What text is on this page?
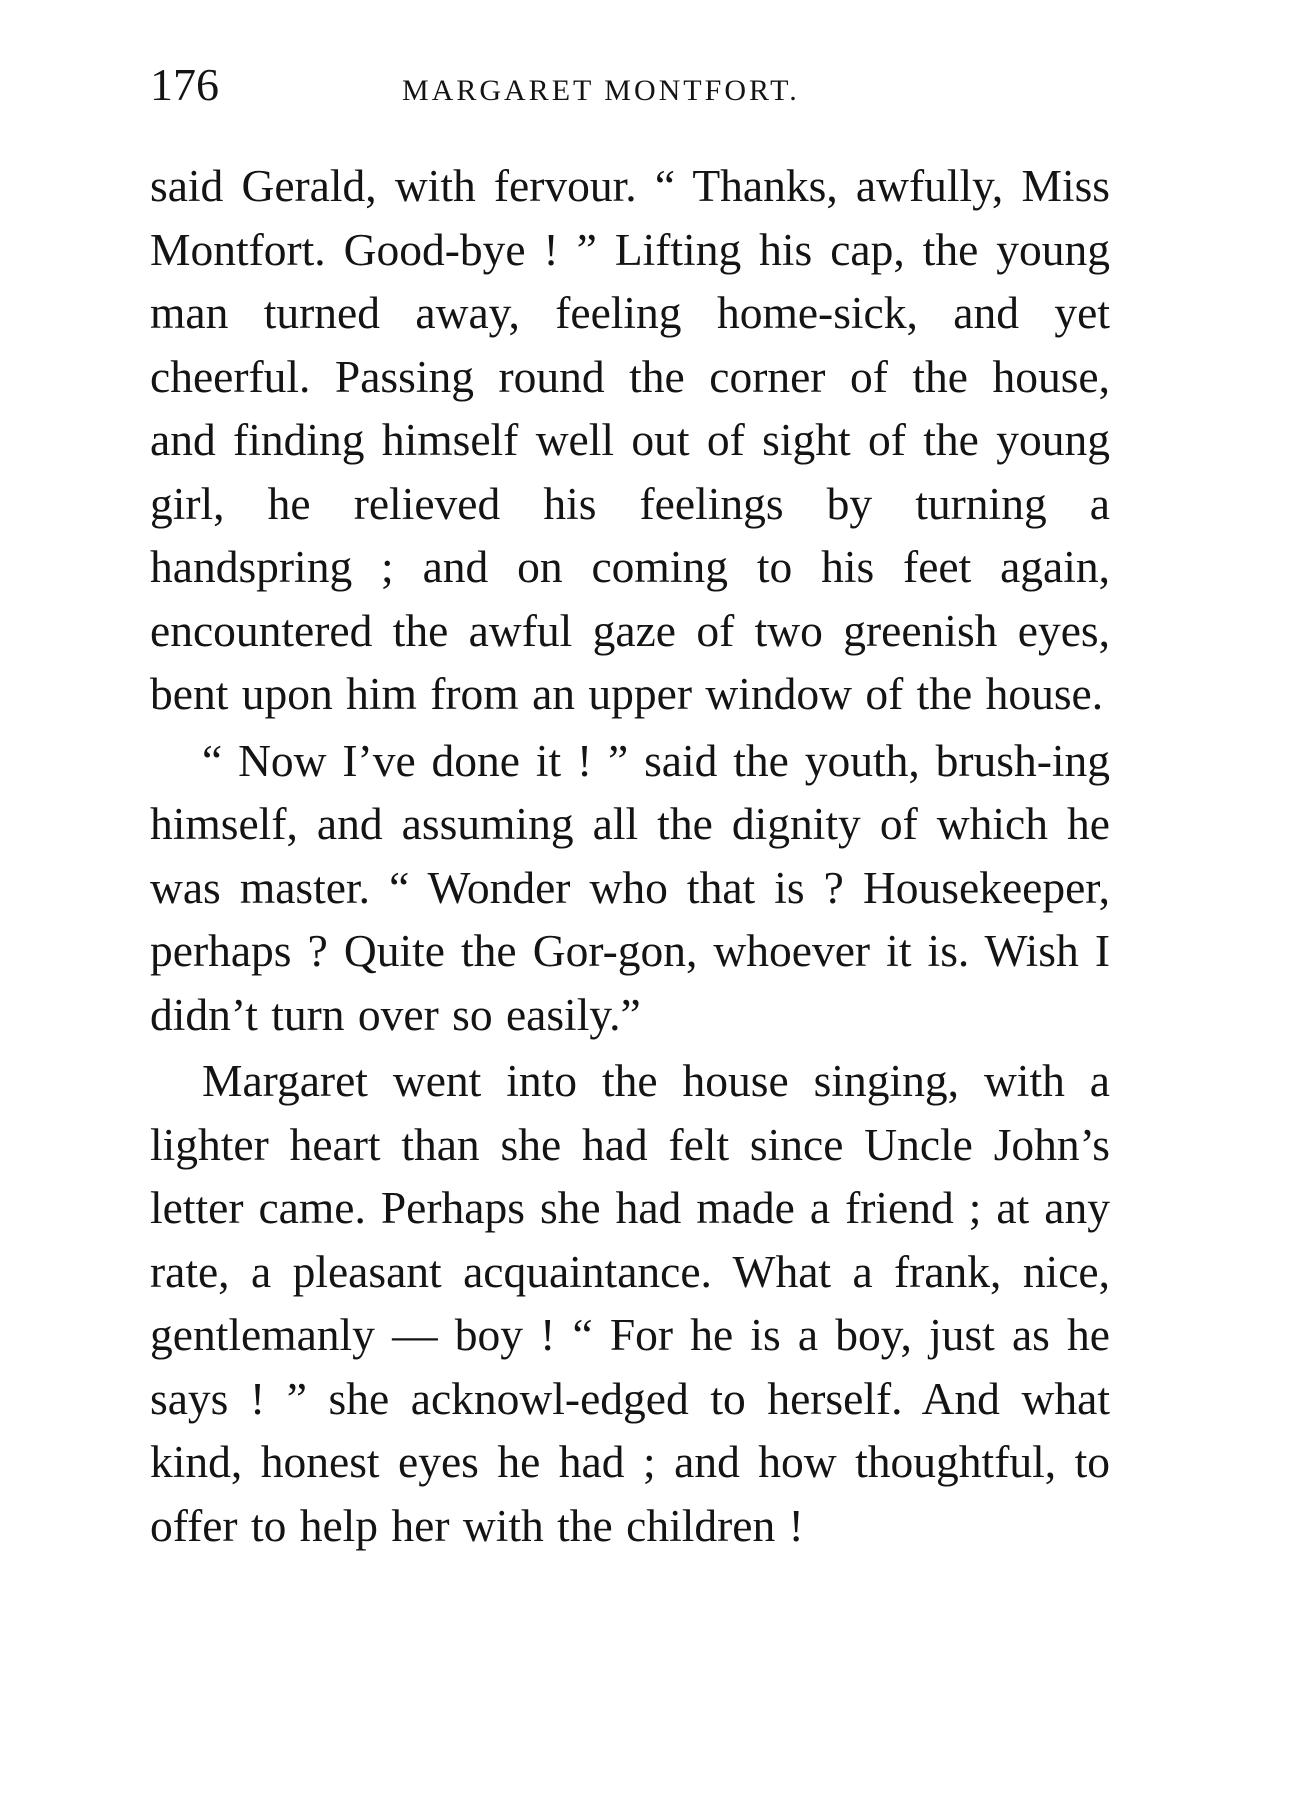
176	MARGARET MONTFORT.

said Gerald, with fervour. “ Thanks, awfully, Miss Montfort. Good-bye ! ” Lifting his cap, the young man turned away, feeling home-sick, and yet cheerful. Passing round the corner of the house, and finding himself well out of sight of the young girl, he relieved his feelings by turning a handspring ; and on coming to his feet again, encountered the awful gaze of two greenish eyes, bent upon him from an upper window of the house.

“ Now I’ve done it ! ” said the youth, brush-ing himself, and assuming all the dignity of which he was master. “ Wonder who that is ? Housekeeper, perhaps ? Quite the Gor-gon, whoever it is. Wish I didn’t turn over so easily.”

Margaret went into the house singing, with a lighter heart than she had felt since Uncle John’s letter came. Perhaps she had made a friend ; at any rate, a pleasant acquaintance. What a frank, nice, gentlemanly — boy ! “ For he is a boy, just as he says ! ” she acknowl-edged to herself. And what kind, honest eyes he had ; and how thoughtful, to offer to help her with the children !
